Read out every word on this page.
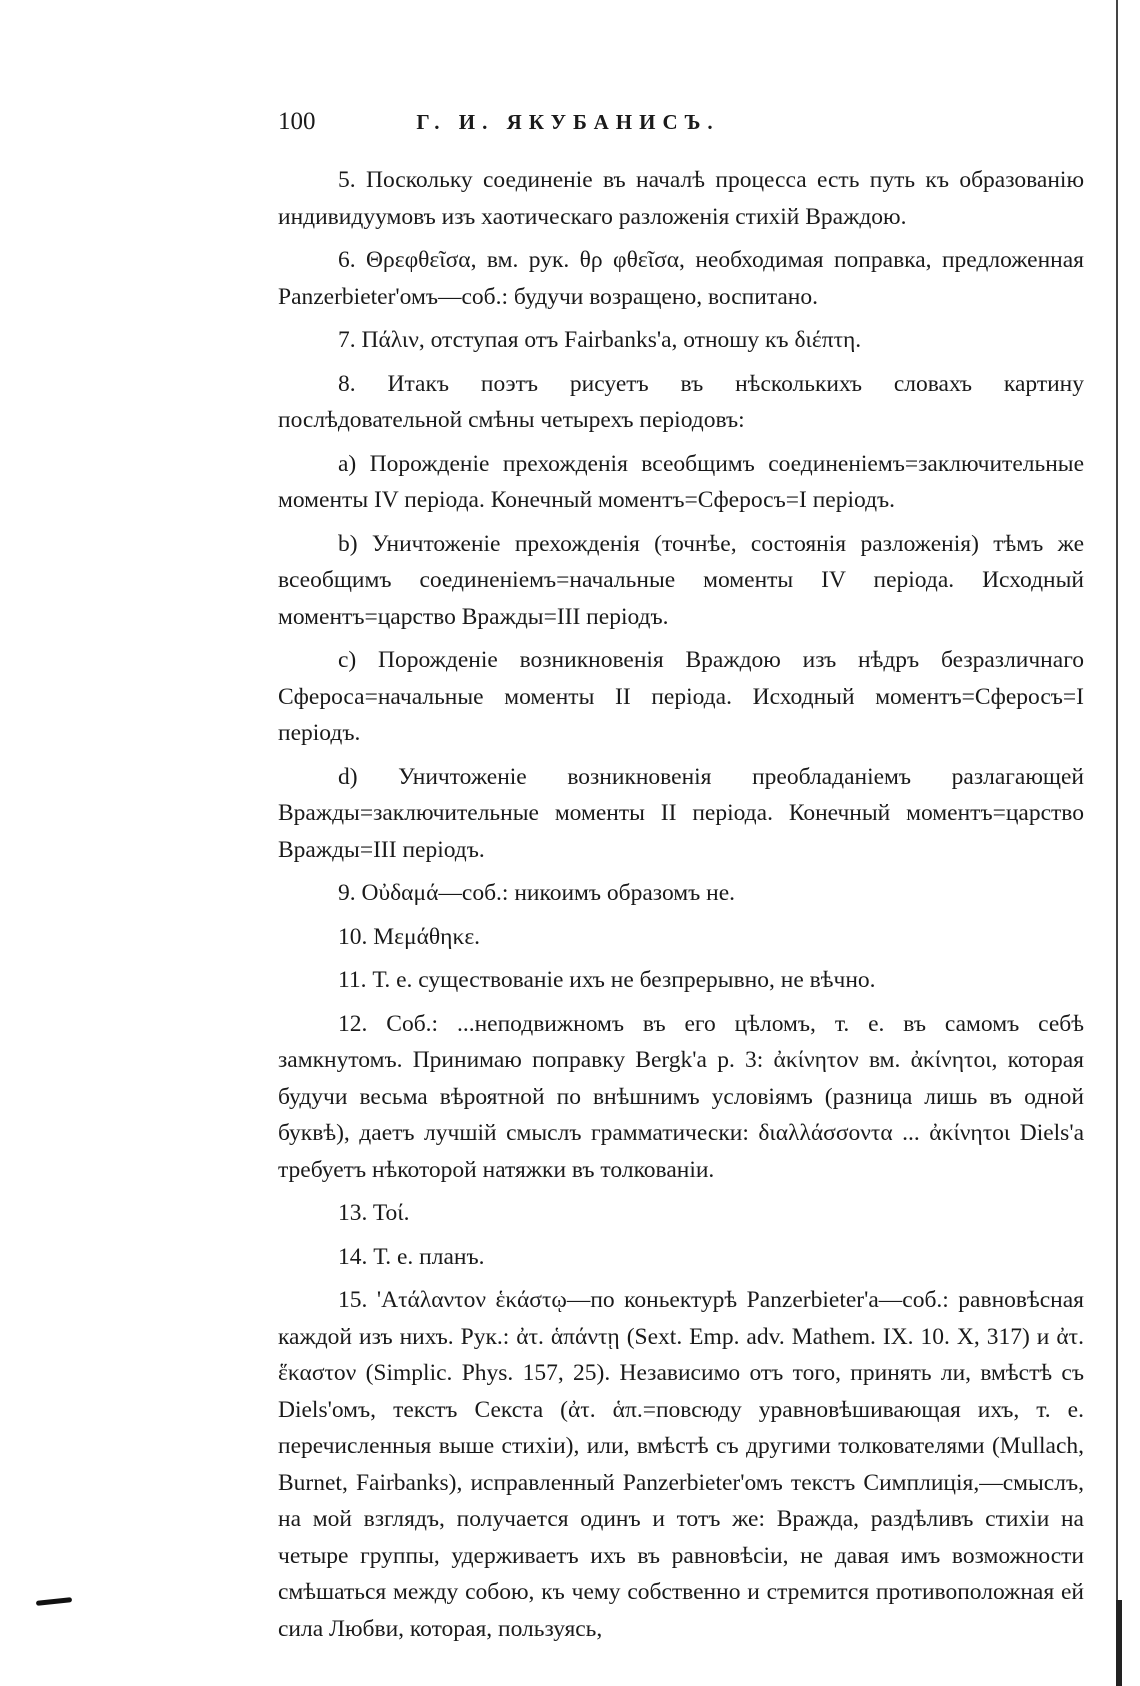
100	Г. И. ЯКУБАНИСЪ.

5. Поскольку соединеніе въ началѣ процесса есть путь къ образованію индивидуумовъ изъ хаотическаго разложенія стихій Враждою.

6. Θρεφθεῖσα, вм. рук. θρ φθεῖσα, необходимая поправка, предложенная Panzerbieter'омъ—соб.: будучи возращено, воспитано.

7. Πάλιν, отступая отъ Fairbanks'а, отношу къ διέπτη.

8. Итакъ поэтъ рисуетъ въ нѣсколькихъ словахъ картину послѣдовательной смѣны четырехъ періодовъ:

a) Порожденіе прехожденія всеобщимъ соединеніемъ=заключительные моменты IV періода. Конечный моментъ=Сферосъ=I періодъ.

b) Уничтоженіе прехожденія (точнѣе, состоянія разложенія) тѣмъ же всеобщимъ соединеніемъ=начальные моменты IV періода. Исходный моментъ=царство Вражды=III періодъ.

c) Порожденіе возникновенія Враждою изъ нѣдръ безразличнаго Сфероса=начальные моменты II періода. Исходный моментъ=Сферосъ=I періодъ.

d) Уничтоженіе возникновенія преобладаніемъ разлагающей Вражды=заключительные моменты II періода. Конечный моментъ=царство Вражды=III періодъ.

9. Οὐδαμά—соб.: никоимъ образомъ не.

10. Μεμάθηκε.

11. Т. е. существованіе ихъ не безпрерывно, не вѣчно.

12. Соб.: ...неподвижномъ въ его цѣломъ, т. е. въ самомъ себѣ замкнутомъ. Принимаю поправку Bergk'а p. 3: ἀκίνητον вм. ἀκίνητοι, которая будучи весьма вѣроятной по внѣшнимъ условіямъ (разница лишь въ одной буквѣ), даетъ лучшій смыслъ грамматически: διαλλάσσοντα ... ἀκίνητοι Diels'а требуетъ нѣкоторой натяжки въ толкованіи.

13. Τοί.

14. Т. е. планъ.

15. 'Ατάλαντον ἑκάστῳ—по коньектурѣ Panzerbieter'а—соб.: равновѣсная каждой изъ нихъ. Рук.: ἀτ. ἁπάντῃ (Sext. Emp. adv. Mathem. IX. 10. X, 317) и ἀτ. ἕκαστον (Simplic. Phys. 157, 25). Независимо отъ того, принять ли, вмѣстѣ съ Diels'омъ, текстъ Секста (ἀτ. ἁπ.=повсюду уравновѣшивающая ихъ, т. е. перечисленныя выше стихіи), или, вмѣстѣ съ другими толкователями (Mullach, Burnet, Fairbanks), исправленный Panzerbieter'омъ текстъ Симплиція,—смыслъ, на мой взглядъ, получается одинъ и тотъ же: Вражда, раздѣливъ стихіи на четыре группы, удерживаетъ ихъ въ равновѣсіи, не давая имъ возможности смѣшаться между собою, къ чему собственно и стремится противоположная ей сила Любви, которая, пользуясь,
